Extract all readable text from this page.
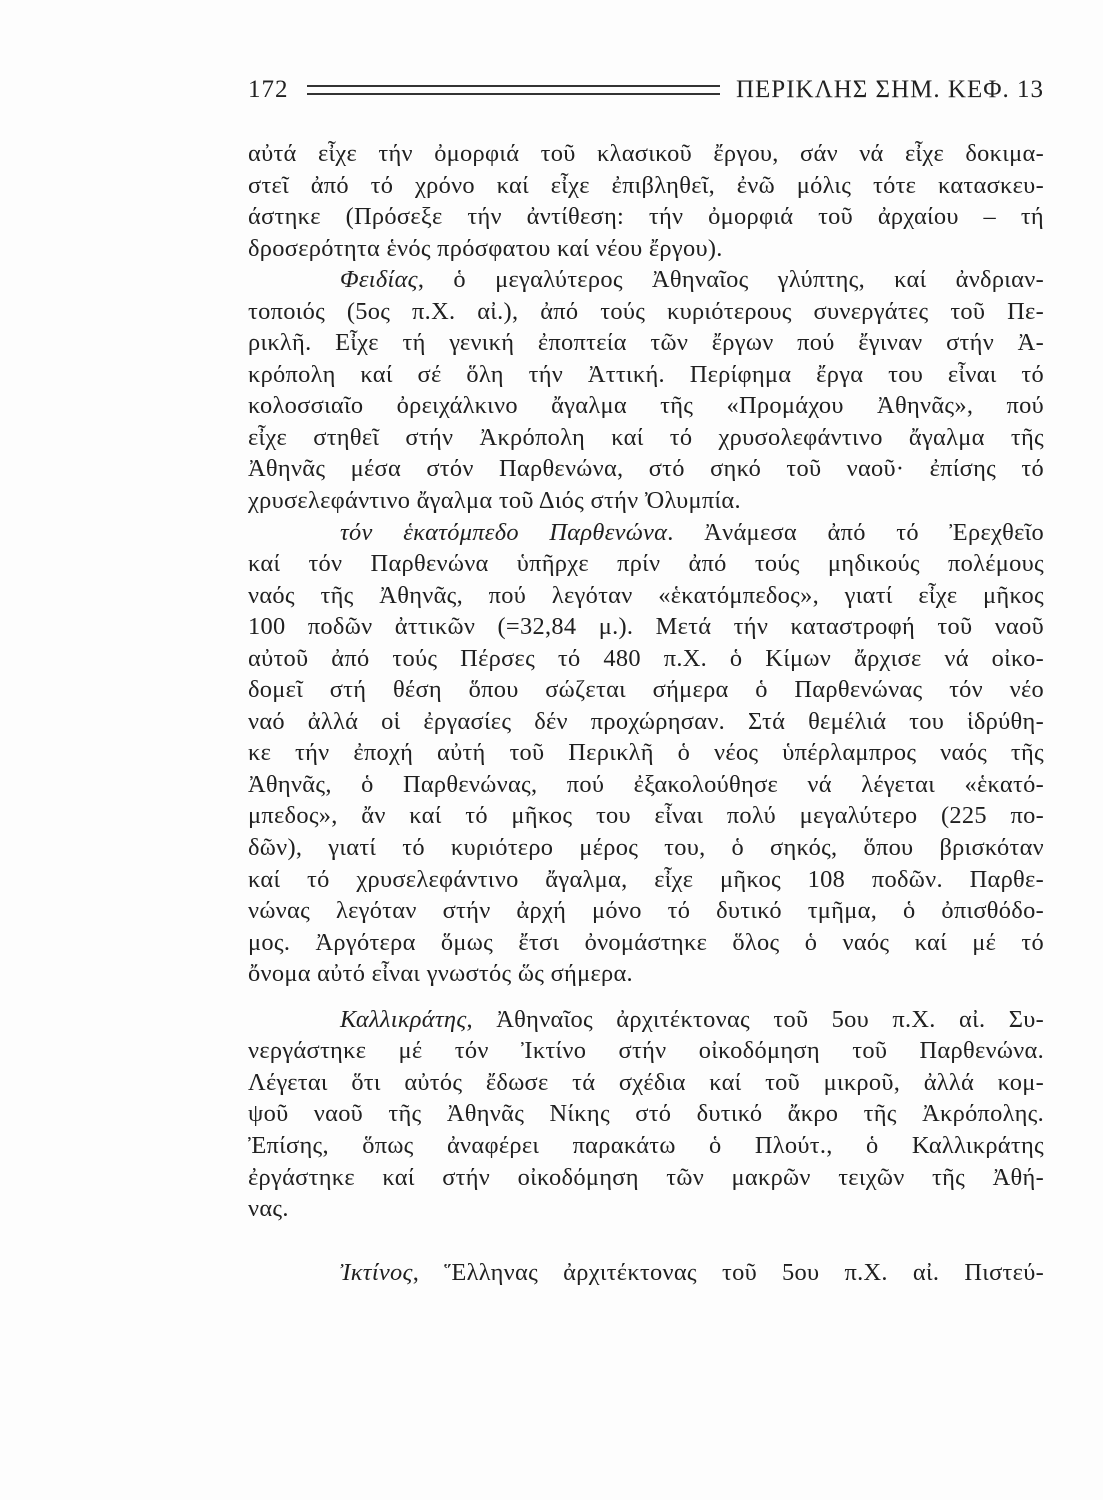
172	ΠΕΡΙΚΛΗΣ ΣΗΜ. ΚΕΦ. 13

αὐτά εἶχε τήν ὀμορφιά τοῦ κλασικοῦ ἔργου, σάν νά εἶχε δοκιμα-
στεῖ ἀπό τό χρόνο καί εἶχε ἐπιβληθεῖ, ἐνῶ μόλις τότε κατασκευ-
άστηκε (Πρόσεξε τήν ἀντίθεση: τήν ὀμορφιά τοῦ ἀρχαίου – τή
δροσερότητα ἑνός πρόσφατου καί νέου ἔργου).

Φειδίας, ὁ μεγαλύτερος Ἀθηναῖος γλύπτης, καί ἀνδριαν-
τοποιός (5ος π.Χ. αἰ.), ἀπό τούς κυριότερους συνεργάτες τοῦ Πε-
ρικλῆ. Εἶχε τή γενική ἐποπτεία τῶν ἔργων πού ἔγιναν στήν Ἀ-
κρόπολη καί σέ ὅλη τήν Ἀττική. Περίφημα ἔργα του εἶναι τό
κολοσσιαῖο ὀρειχάλκινο ἄγαλμα τῆς «Προμάχου Ἀθηνᾶς», πού
εἶχε στηθεῖ στήν Ἀκρόπολη καί τό χρυσολεφάντινο ἄγαλμα τῆς
Ἀθηνᾶς μέσα στόν Παρθενώνα, στό σηκό τοῦ ναοῦ· ἐπίσης τό
χρυσελεφάντινο ἄγαλμα τοῦ Διός στήν Ὀλυμπία.

τόν ἑκατόμπεδο Παρθενώνα. Ἀνάμεσα ἀπό τό Ἐρεχθεῖο
καί τόν Παρθενώνα ὑπῆρχε πρίν ἀπό τούς μηδικούς πολέμους
ναός τῆς Ἀθηνᾶς, πού λεγόταν «ἑκατόμπεδος», γιατί εἶχε μῆκος
100 ποδῶν ἀττικῶν (=32,84 μ.). Μετά τήν καταστροφή τοῦ ναοῦ
αὐτοῦ ἀπό τούς Πέρσες τό 480 π.Χ. ὁ Κίμων ἄρχισε νά οἰκο-
δομεῖ στή θέση ὅπου σώζεται σήμερα ὁ Παρθενώνας τόν νέο
ναό ἀλλά οἱ ἐργασίες δέν προχώρησαν. Στά θεμέλιά του ἱδρύθη-
κε τήν ἐποχή αὐτή τοῦ Περικλῆ ὁ νέος ὑπέρλαμπρος ναός τῆς
Ἀθηνᾶς, ὁ Παρθενώνας, πού ἐξακολούθησε νά λέγεται «ἑκατό-
μπεδος», ἄν καί τό μῆκος του εἶναι πολύ μεγαλύτερο (225 πο-
δῶν), γιατί τό κυριότερο μέρος του, ὁ σηκός, ὅπου βρισκόταν
καί τό χρυσελεφάντινο ἄγαλμα, εἶχε μῆκος 108 ποδῶν. Παρθε-
νώνας λεγόταν στήν ἀρχή μόνο τό δυτικό τμῆμα, ὁ ὀπισθόδο-
μος. Ἀργότερα ὅμως ἔτσι ὀνομάστηκε ὅλος ὁ ναός καί μέ τό
ὄνομα αὐτό εἶναι γνωστός ὥς σήμερα.

Καλλικράτης, Ἀθηναῖος ἀρχιτέκτονας τοῦ 5ου π.Χ. αἰ. Συ-
νεργάστηκε μέ τόν Ἰκτίνο στήν οἰκοδόμηση τοῦ Παρθενώνα.
Λέγεται ὅτι αὐτός ἔδωσε τά σχέδια καί τοῦ μικροῦ, ἀλλά κομ-
ψοῦ ναοῦ τῆς Ἀθηνᾶς Νίκης στό δυτικό ἄκρο τῆς Ἀκρόπολης.
Ἐπίσης, ὅπως ἀναφέρει παρακάτω ὁ Πλούτ., ὁ Καλλικράτης
ἐργάστηκε καί στήν οἰκοδόμηση τῶν μακρῶν τειχῶν τῆς Ἀθή-
νας.

Ἰκτίνος, Ἕλληνας ἀρχιτέκτονας τοῦ 5ου π.Χ. αἰ. Πιστεύ-
